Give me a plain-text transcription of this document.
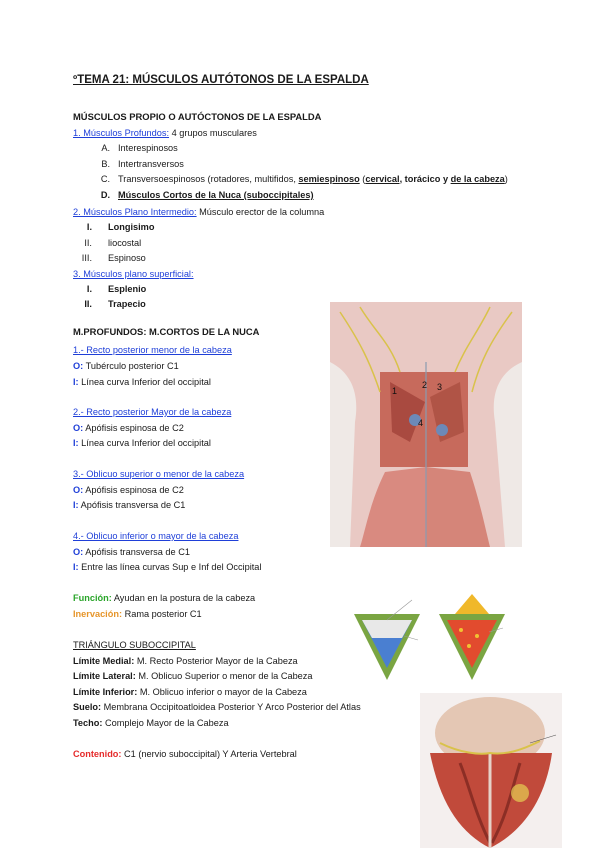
ºTEMA 21: MÚSCULOS AUTÓTONOS DE LA ESPALDA
MÚSCULOS PROPIO O AUTÓCTONOS DE LA ESPALDA
1. Músculos Profundos: 4 grupos musculares
A. Interespinosos
B. Intertransversos
C. Transversoespinosos (rotadores, multifidos, semiespinoso (cervical, torácico y de la cabeza)
D. Músculos Cortos de la Nuca (suboccipitales)
2. Músculos Plano Intermedio: Músculo erector de la columna
I. Longisimo
II. liocostal
III. Espinoso
3. Músculos plano superficial:
I. Esplenio
II. Trapecio
M.PROFUNDOS: M.CORTOS DE LA NUCA
1.- Recto posterior menor de la cabeza
O: Tubérculo posterior C1
I: Línea curva Inferior del occipital
2.- Recto posterior Mayor de la cabeza
O: Apófisis espinosa de C2
I: Línea curva Inferior del occipital
3.- Oblicuo superior o menor de la cabeza
O: Apófisis espinosa de C2
I: Apófisis transversa de C1
4.- Oblicuo inferior o mayor de la cabeza
O: Apófisis transversa de C1
I: Entre las línea curvas Sup e Inf del Occipital
Función: Ayudan en la postura de la cabeza
Inervación: Rama posterior C1
TRIÁNGULO SUBOCCIPITAL
Límite Medial: M. Recto Posterior Mayor de la Cabeza
Límite Lateral: M. Oblicuo Superior o menor de la Cabeza
Límite Inferior: M. Oblicuo inferior o mayor de la Cabeza
Suelo: Membrana Occipitoatloidea Posterior Y Arco Posterior del Atlas
Techo: Complejo Mayor de la Cabeza
Contenido: C1 (nervio suboccipital) Y Arteria Vertebral
1
2 3
4
